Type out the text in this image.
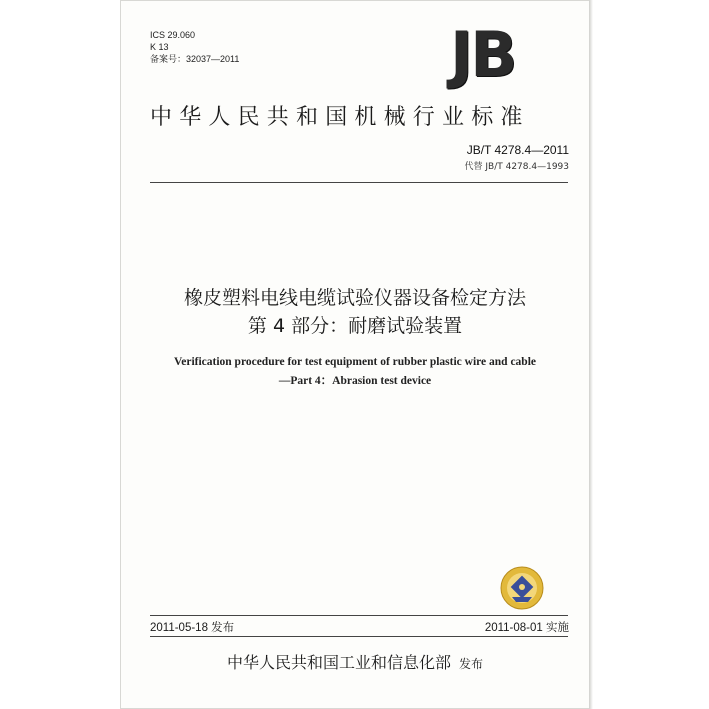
ICS 29.060
K 13
备案号：32037—2011	JB
中华人民共和国机械行业标准
JB/T 4278.4—2011
代替 JB/T 4278.4—1993
橡皮塑料电线电缆试验仪器设备检定方法
第 4 部分：耐磨试验装置
Verification procedure for test equipment of rubber plastic wire and cable
—Part 4：Abrasion test device
2011-05-18 发布	2011-08-01 实施
中华人民共和国工业和信息化部 发布
